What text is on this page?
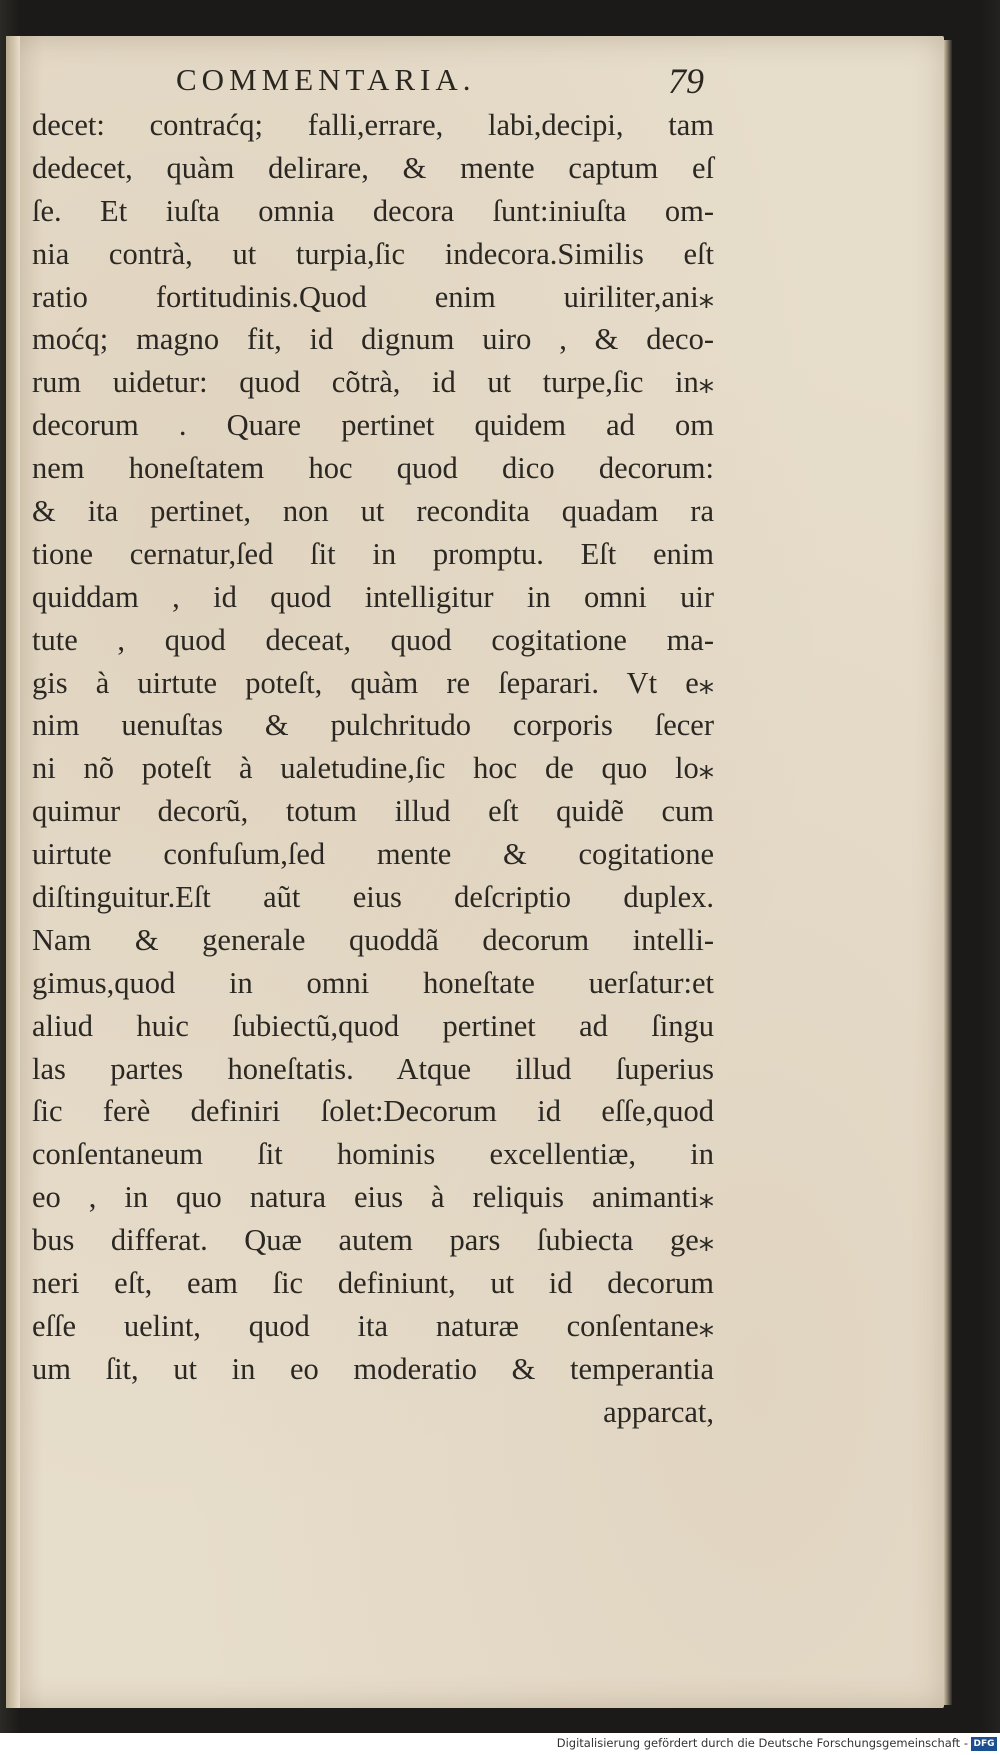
COMMENTARIA.	79
decet: contraćq; falli,errare, labi,decipi, tam
dedecet, quàm delirare, & mente captum eſ
ſe. Et iuſta omnia decora ſunt:iniuſta om-
nia contrà, ut turpia,ſic indecora.Similis eſt
ratio fortitudinis.Quod enim uiriliter,ani⁎
moćq; magno fit, id dignum uiro , & deco-
rum uidetur: quod cõtrà, id ut turpe,ſic in⁎
decorum . Quare pertinet quidem ad om
nem honeſtatem hoc quod dico decorum:
& ita pertinet, non ut recondita quadam ra
tione cernatur,ſed ſit in promptu. Eſt enim
quiddam , id quod intelligitur in omni uir
tute , quod deceat, quod cogitatione ma-
gis à uirtute poteſt, quàm re ſeparari. Vt e⁎
nim uenuſtas & pulchritudo corporis ſecer
ni nõ poteſt à ualetudine,ſic hoc de quo lo⁎
quimur decorũ, totum illud eſt quidẽ cum
uirtute confuſum,ſed mente & cogitatione
diſtinguitur.Eſt aũt eius deſcriptio duplex.
Nam & generale quoddã decorum intelli-
gimus,quod in omni honeſtate uerſatur:et
aliud huic ſubiectũ,quod pertinet ad ſingu
las partes honeſtatis. Atque illud ſuperius
ſic ferè definiri ſolet:Decorum id eſſe,quod
conſentaneum ſit hominis excellentiæ, in
eo , in quo natura eius à reliquis animanti⁎
bus differat. Quæ autem pars ſubiecta ge⁎
neri eſt, eam ſic definiunt, ut id decorum
eſſe uelint, quod ita naturæ conſentane⁎
um ſit, ut in eo moderatio & temperantia
apparcat,
Digitalisierung gefördert durch die Deutsche Forschungsgemeinschaft - DFG
